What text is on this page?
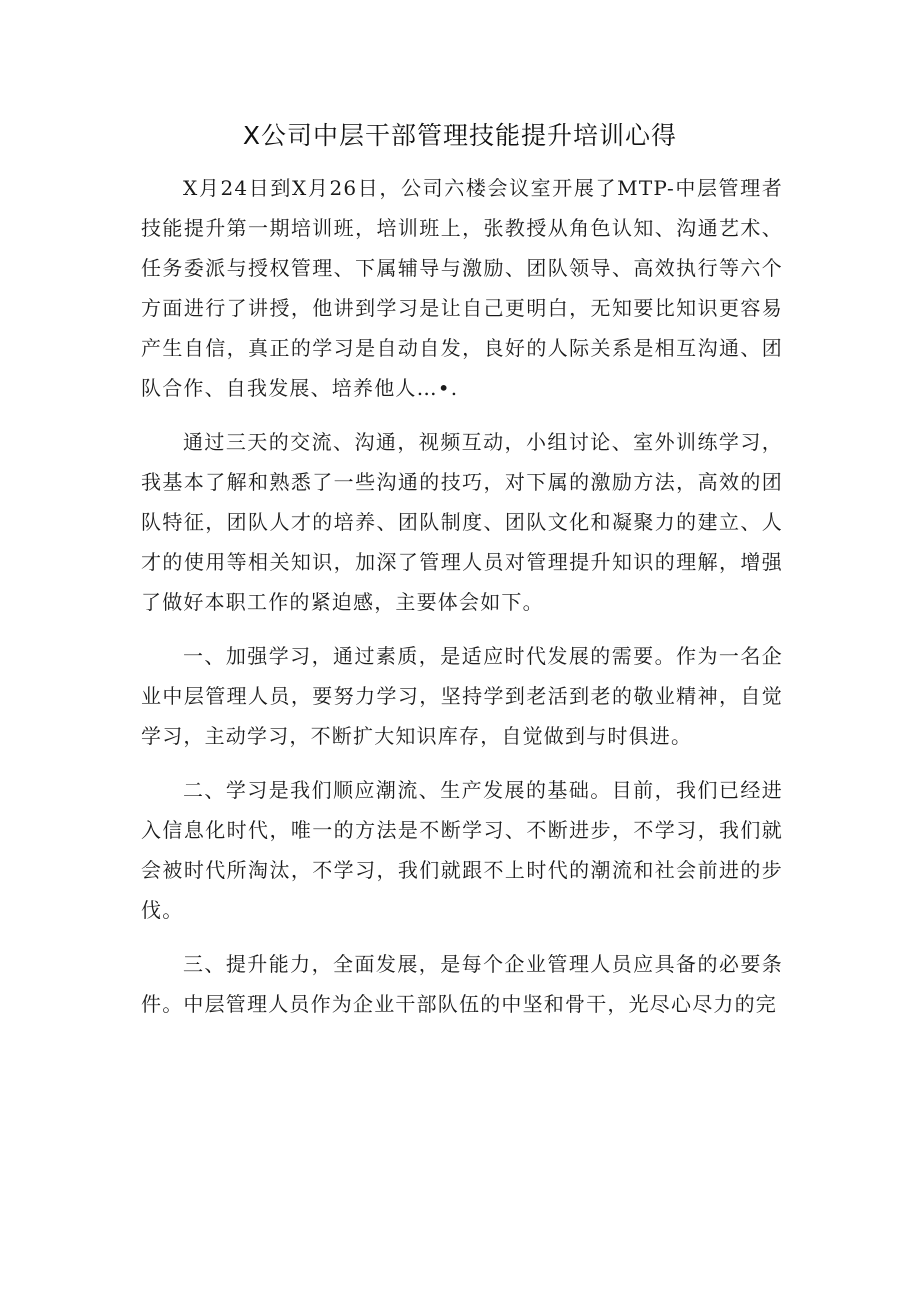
X公司中层干部管理技能提升培训心得

X月24日到X月26日，公司六楼会议室开展了MTP-中层管理者技能提升第一期培训班，培训班上，张教授从角色认知、沟通艺术、任务委派与授权管理、下属辅导与激励、团队领导、高效执行等六个方面进行了讲授，他讲到学习是让自己更明白，无知要比知识更容易产生自信，真正的学习是自动自发，良好的人际关系是相互沟通、团队合作、自我发展、培养他人…•.

通过三天的交流、沟通，视频互动，小组讨论、室外训练学习，我基本了解和熟悉了一些沟通的技巧，对下属的激励方法，高效的团队特征，团队人才的培养、团队制度、团队文化和凝聚力的建立、人才的使用等相关知识，加深了管理人员对管理提升知识的理解，增强了做好本职工作的紧迫感，主要体会如下。

一、加强学习，通过素质，是适应时代发展的需要。作为一名企业中层管理人员，要努力学习，坚持学到老活到老的敬业精神，自觉学习，主动学习，不断扩大知识库存，自觉做到与时俱进。

二、学习是我们顺应潮流、生产发展的基础。目前，我们已经进入信息化时代，唯一的方法是不断学习、不断进步，不学习，我们就会被时代所淘汰，不学习，我们就跟不上时代的潮流和社会前进的步伐。

三、提升能力，全面发展，是每个企业管理人员应具备的必要条件。中层管理人员作为企业干部队伍的中坚和骨干，光尽心尽力的完
